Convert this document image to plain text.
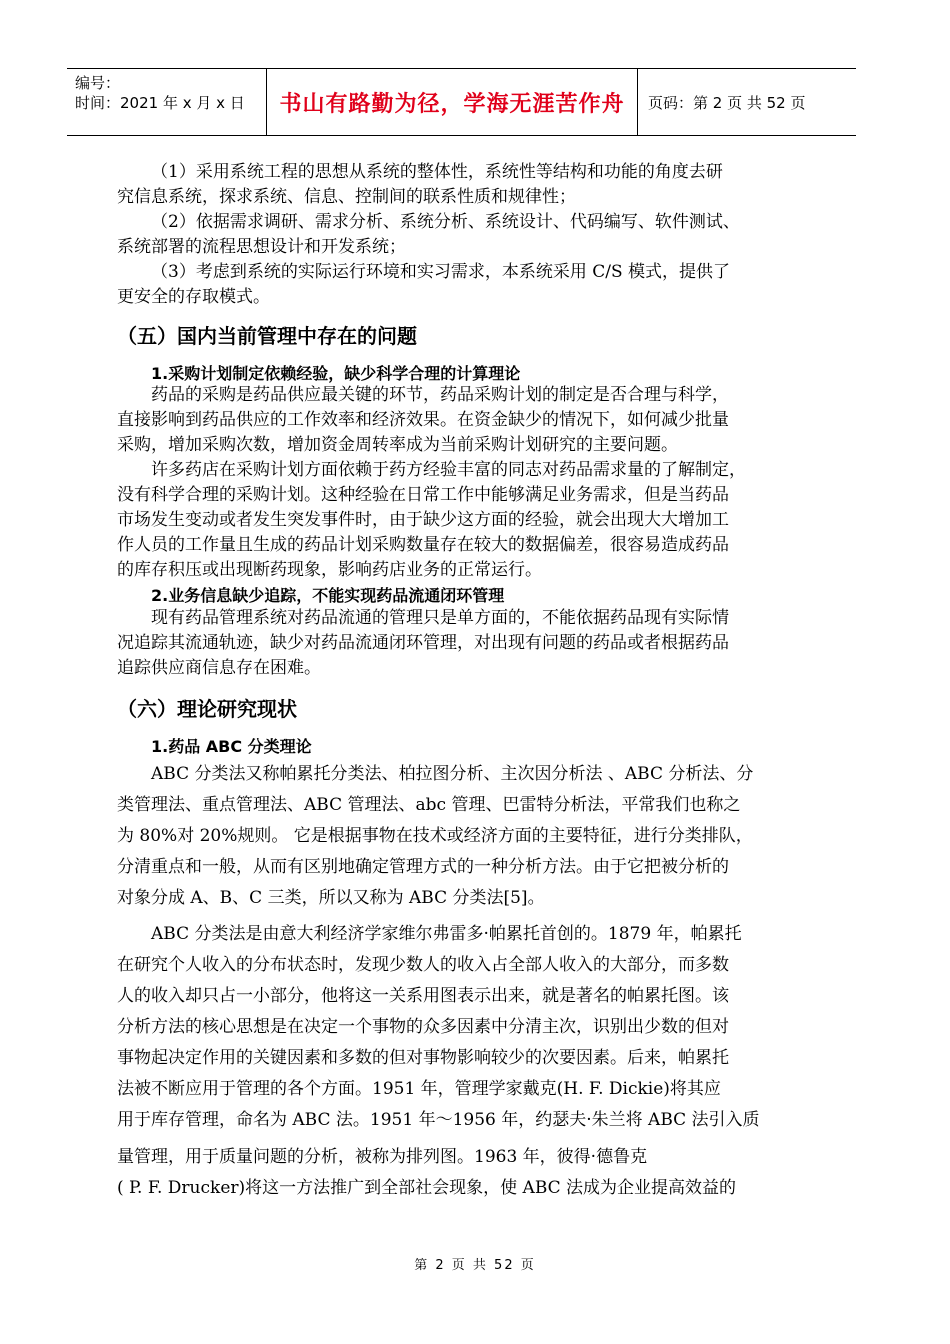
编号：
时间：2021 年 x 月 x 日 书山有路勤为径，学海无涯苦作舟 页码：第 2 页 共 52 页
（1）采用系统工程的思想从系统的整体性，系统性等结构和功能的角度去研
究信息系统，探求系统、信息、控制间的联系性质和规律性；
（2）依据需求调研、需求分析、系统分析、系统设计、代码编写、软件测试、
系统部署的流程思想设计和开发系统；
（3）考虑到系统的实际运行环境和实习需求，本系统采用 C/S 模式，提供了
更安全的存取模式。
（五）国内当前管理中存在的问题
1.采购计划制定依赖经验，缺少科学合理的计算理论
药品的采购是药品供应最关键的环节，药品采购计划的制定是否合理与科学，
直接影响到药品供应的工作效率和经济效果。在资金缺少的情况下，如何减少批量
采购，增加采购次数，增加资金周转率成为当前采购计划研究的主要问题。
许多药店在采购计划方面依赖于药方经验丰富的同志对药品需求量的了解制定，
没有科学合理的采购计划。这种经验在日常工作中能够满足业务需求，但是当药品
市场发生变动或者发生突发事件时，由于缺少这方面的经验，就会出现大大增加工
作人员的工作量且生成的药品计划采购数量存在较大的数据偏差，很容易造成药品
的库存积压或出现断药现象，影响药店业务的正常运行。
2.业务信息缺少追踪，不能实现药品流通闭环管理
现有药品管理系统对药品流通的管理只是单方面的，不能依据药品现有实际情
况追踪其流通轨迹，缺少对药品流通闭环管理，对出现有问题的药品或者根据药品
追踪供应商信息存在困难。
（六）理论研究现状
1.药品 ABC 分类理论
ABC 分类法又称帕累托分类法、柏拉图分析、主次因分析法 、ABC 分析法、分
类管理法、重点管理法、ABC 管理法、abc 管理、巴雷特分析法，平常我们也称之
为 80%对 20%规则。 它是根据事物在技术或经济方面的主要特征，进行分类排队，
分清重点和一般，从而有区别地确定管理方式的一种分析方法。由于它把被分析的
对象分成 A、B、C 三类，所以又称为 ABC 分类法[5]。
ABC 分类法是由意大利经济学家维尔弗雷多·帕累托首创的。1879 年，帕累托
在研究个人收入的分布状态时，发现少数人的收入占全部人收入的大部分，而多数
人的收入却只占一小部分，他将这一关系用图表示出来，就是著名的帕累托图。该
分析方法的核心思想是在决定一个事物的众多因素中分清主次，识别出少数的但对
事物起决定作用的关键因素和多数的但对事物影响较少的次要因素。后来，帕累托
法被不断应用于管理的各个方面。1951 年，管理学家戴克(H. F. Dickie)将其应
用于库存管理，命名为 ABC 法。1951 年～1956 年，约瑟夫·朱兰将 ABC 法引入质
量管理，用于质量问题的分析，被称为排列图。1963 年，彼得·德鲁克
( P. F. Drucker)将这一方法推广到全部社会现象，使 ABC 法成为企业提高效益的
第 2 页 共 52 页
